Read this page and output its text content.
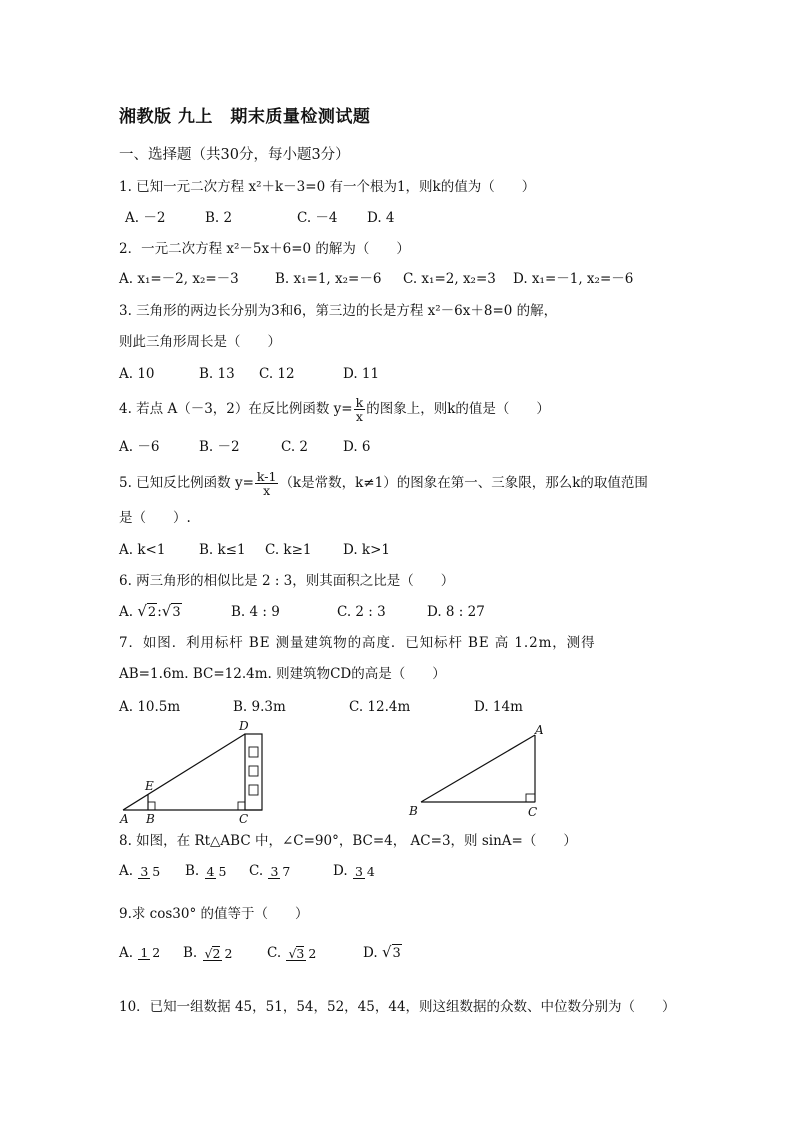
湘教版 九上　期末质量检测试题
一、选择题（共30分，每小题3分）
1. 已知一元二次方程 x²＋k－3=0 有一个根为1，则k的值为（　　）
A. －2	B. 2	C. －4 D. 4
2．一元二次方程 x²－5x＋6=0 的解为（　　）
A. x₁=－2, x₂=－3	B. x₁=1, x₂=－6 C. x₁=2, x₂=3 D. x₁=－1, x₂=－6
3. 三角形的两边长分别为3和6，第三边的长是方程 x²－6x＋8=0 的解，
则此三角形周长是（　　）
A. 10	B. 13 C. 12	D. 11
4. 若点 A（－3，2）在反比例函数 $y= \frac{k}{x}$ 的图象上，则k的值是（　　）
A. －6	B. －2	C. 2	D. 6
5. 已知反比例函数 $y= \frac{k-1}{x} (k$是常数，k≠1）的图象在第一、三象限，那么k的取值范围
是（　　）.
A. k<1 B. k≤1 C. k≥1 D. k>1
6. 两三角形的相似比是 2 : 3，则其面积之比是（　　）
A. √2:√3	B. 4 : 9	C. 2 : 3	D. 8 : 27
7．如图．利用标杆 BE 测量建筑物的高度．已知标杆 BE 高 1.2m，测得
AB=1.6m. BC=12.4m. 则建筑物CD的高是（　　）
A. 10.5m	B. 9.3m	C. 12.4m	D. 14m
D
E
A B	C
A
B	C
8. 如图，在 Rt△ABC 中，∠C=90°，BC=4， AC=3，则 sinA=（　　）
A. 3 5 B. 4 5 C. 3 7	D. 3 4
9.求 cos30° 的值等于（　　）
A. 1 2 B. √2 2	C. √3 2	D. √3
10．已知一组数据 45，51，54，52，45，44，则这组数据的众数、中位数分别为（　　）
